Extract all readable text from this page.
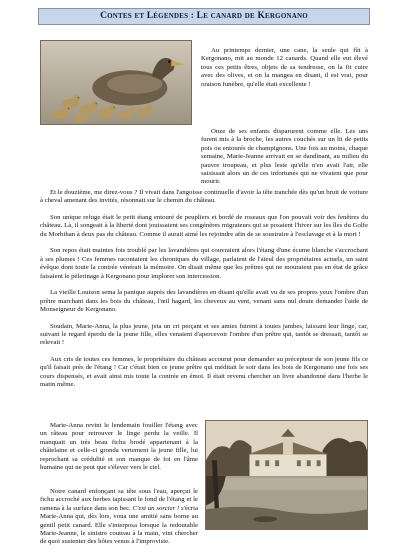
Contes et Légendes : Le canard de Kergonano

Au printemps dernier, une cane, la seule qui fût à Kergonano, mit au monde 12 canards. Quand elle eut élevé tous ces petits êtres, objets de sa tendresse, on la fit cuire avec des olives, et on la mangea en disant, il est vrai, pour oraison funèbre, qu'elle était excellente !

Onze de ses enfants disparurent comme elle. Les uns furent mis à la broche, les autres couchés sur un lit de petits pois ou entourés de champignons. Une fois au moins, chaque semaine, Marie-Jeanne arrivait en se dandinant, au milieu du pauvre troupeau, et plus leste qu'elle n'en avait l'air, elle saisissait alors un de ces infortunés qui ne vivaient que pour mourir.

Et le douzième, me direz-vous ? Il vivait dans l'angoisse continuelle d'avoir la tête tranchée dès qu'un bruit de voiture à cheval amenant des invités, résonnait sur le chemin du château.

Son unique refuge était le petit étang entouré de peupliers et bordé de roseaux que l'on pouvait voir des fenêtres du château. Là, il songeait à la liberté dont jouissaient ses congénères migrateurs qui se posaient l'hiver sur les îles du Golfe du Morbihan à deux pas du château. Comme il aurait aimé les rejoindre afin de se soustraire à l'esclavage et à la mort !

Son repos était maintes fois troublé par les lavandières qui couvraient alors l'étang d'une écume blanche s'accrochant à ses plumes ! Ces femmes racontaient les chroniques du village, parlaient de l'aïeul des propriétaires actuels, un saint évêque dont toute la contrée vénérait la mémoire. On disait même que les prêtres qui ne mouraient pas en état de grâce faisaient le pèlerinage à Kergonano pour implorer son intercession.

La vieille Louison sema la panique auprès des lavandières en disant qu'elle avait vu de ses propres yeux l'ombre d'un prêtre marchant dans les bois du château, l'œil hagard, les cheveux au vent, venant sans nul doute demander l'aide de Monseigneur de Kergonano.

Soudain, Marie-Anna, la plus jeune, jeta un cri perçant et ses amies fuirent à toutes jambes, laissant leur linge, car, suivant le regard éperdu de la jeune fille, elles venaient d'apercevoir l'ombre d'un prêtre qui, tantôt se dressait, tantôt se relevait !

Aux cris de toutes ces femmes, le propriétaire du château accourut pour demander au précepteur de son jeune fils ce qu'il faisait près de l'étang ! Car c'était bien ce jeune prêtre qui méditait le soir dans les bois de Kergonano une fois ses cours dispensés, et avait ainsi mis toute la contrée en émoi. Il était revenu chercher un livre abandonné dans l'herbe le matin même.

Marie-Anna revint le lendemain fouiller l'étang avec un râteau pour retrouver le linge perdu la veille. Il manquait un très beau fichu brodé appartenant à la châtelaine et celle-ci gronda vertement la jeune fille, lui reprochant sa crédulité et son manque de foi en l'âme humaine qui ne peut que s'élever vers le ciel.

Notre canard enfonçant sa tête sous l'eau, aperçut le fichu accroché aux herbes tapissant le fond de l'étang et le ramena à la surface dans son bec. C'est un sorcier ! s'écria Marie-Anna qui, dès lors, voua une amitié sans borne au gentil petit canard. Elle s'interposa lorsque la redoutable Marie-Jeanne, le sinistre couteau à la main, vint chercher de quoi sustenter des hôtes venus à l'improviste.
